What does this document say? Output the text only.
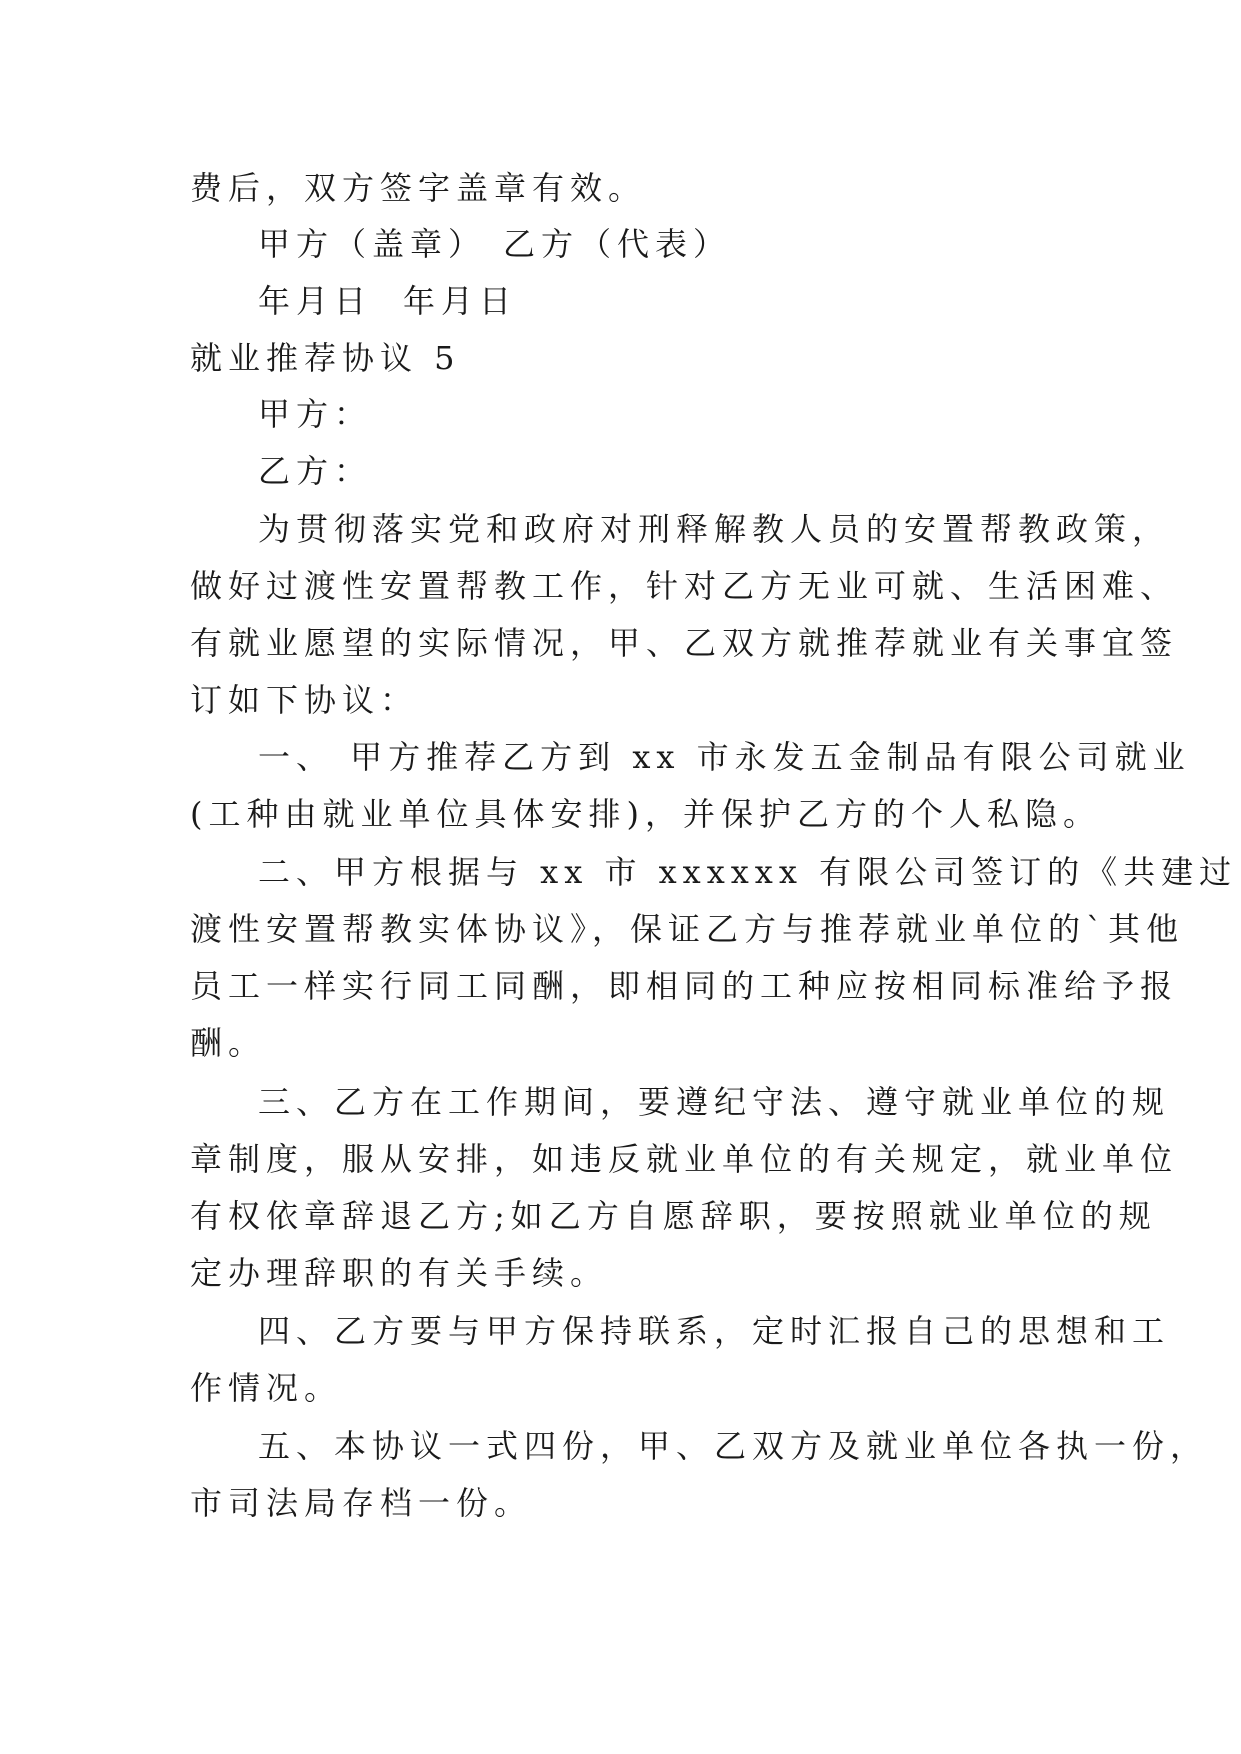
费后，双方签字盖章有效。
甲方（盖章） 乙方（代表）
年月日 年月日
就业推荐协议 5
甲方：
乙方：
为贯彻落实党和政府对刑释解教人员的安置帮教政策，
做好过渡性安置帮教工作，针对乙方无业可就、生活困难、
有就业愿望的实际情况，甲、乙双方就推荐就业有关事宜签
订如下协议：
一、 甲方推荐乙方到 xx 市永发五金制品有限公司就业
(工种由就业单位具体安排)，并保护乙方的个人私隐。
二、甲方根据与 xx 市 xxxxxx 有限公司签订的《共建过
渡性安置帮教实体协议》，保证乙方与推荐就业单位的`其他
员工一样实行同工同酬，即相同的工种应按相同标准给予报
酬。
三、乙方在工作期间，要遵纪守法、遵守就业单位的规
章制度，服从安排，如违反就业单位的有关规定，就业单位
有权依章辞退乙方;如乙方自愿辞职，要按照就业单位的规
定办理辞职的有关手续。
四、乙方要与甲方保持联系，定时汇报自己的思想和工
作情况。
五、本协议一式四份，甲、乙双方及就业单位各执一份，
市司法局存档一份。
